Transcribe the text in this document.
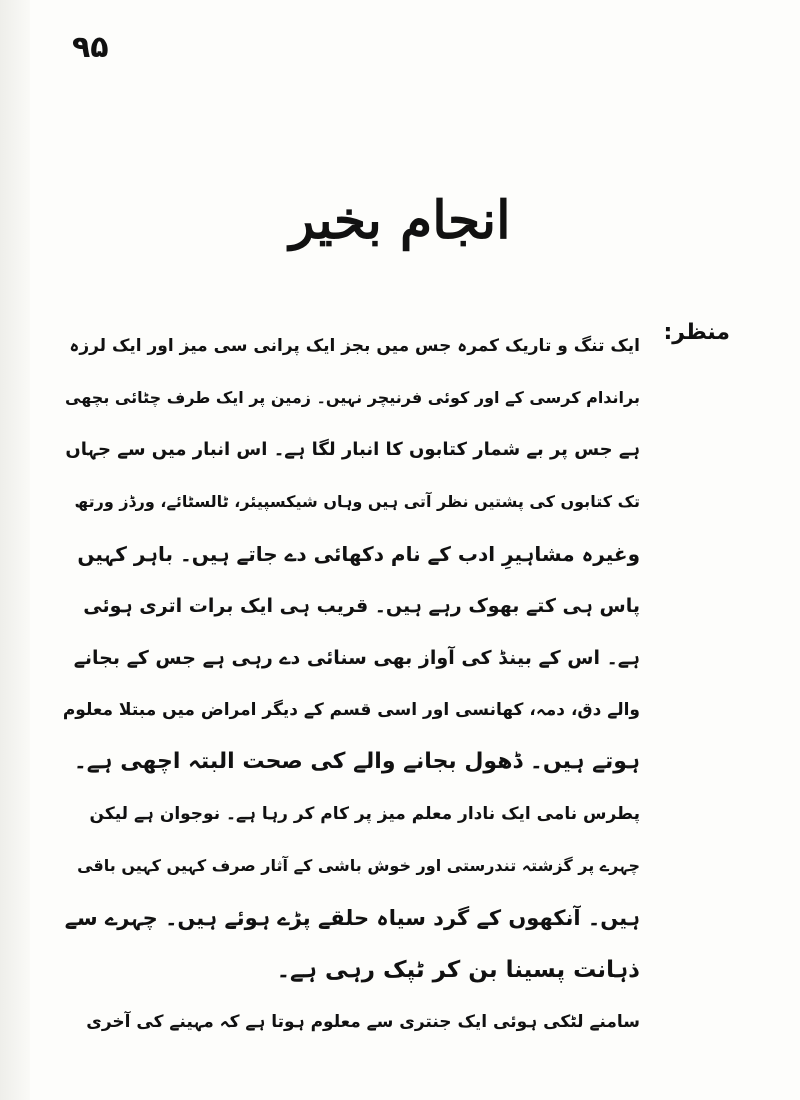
۹۵
انجام بخیر
منظر:
ایک تنگ و تاریک کمرہ جس میں بجز ایک پرانی سی میز اور ایک لرزہ
براندام کرسی کے اور کوئی فرنیچر نہیں۔ زمین پر ایک طرف چٹائی بچھی
ہے جس پر بے شمار کتابوں کا انبار لگا ہے۔ اس انبار میں سے جہاں
تک کتابوں کی پشتیں نظر آتی ہیں وہاں شیکسپیئر، ٹالسٹائے، ورڈز ورتھ
وغیرہ مشاہیرِ ادب کے نام دکھائی دے جاتے ہیں۔ باہر کہیں
پاس ہی کتے بھوک رہے ہیں۔ قریب ہی ایک برات اتری ہوئی
ہے۔ اس کے بینڈ کی آواز بھی سنائی دے رہی ہے جس کے بجانے
والے دق، دمہ، کھانسی اور اسی قسم کے دیگر امراض میں مبتلا معلوم
ہوتے ہیں۔ ڈھول بجانے والے کی صحت البتہ اچھی ہے۔
پطرس نامی ایک نادار معلم میز پر کام کر رہا ہے۔ نوجوان ہے لیکن
چہرے پر گزشتہ تندرستی اور خوش باشی کے آثار صرف کہیں کہیں باقی
ہیں۔ آنکھوں کے گرد سیاہ حلقے پڑے ہوئے ہیں۔ چہرے سے
ذہانت پسینا بن کر ٹپک رہی ہے۔
سامنے لٹکی ہوئی ایک جنتری سے معلوم ہوتا ہے کہ مہینے کی آخری
